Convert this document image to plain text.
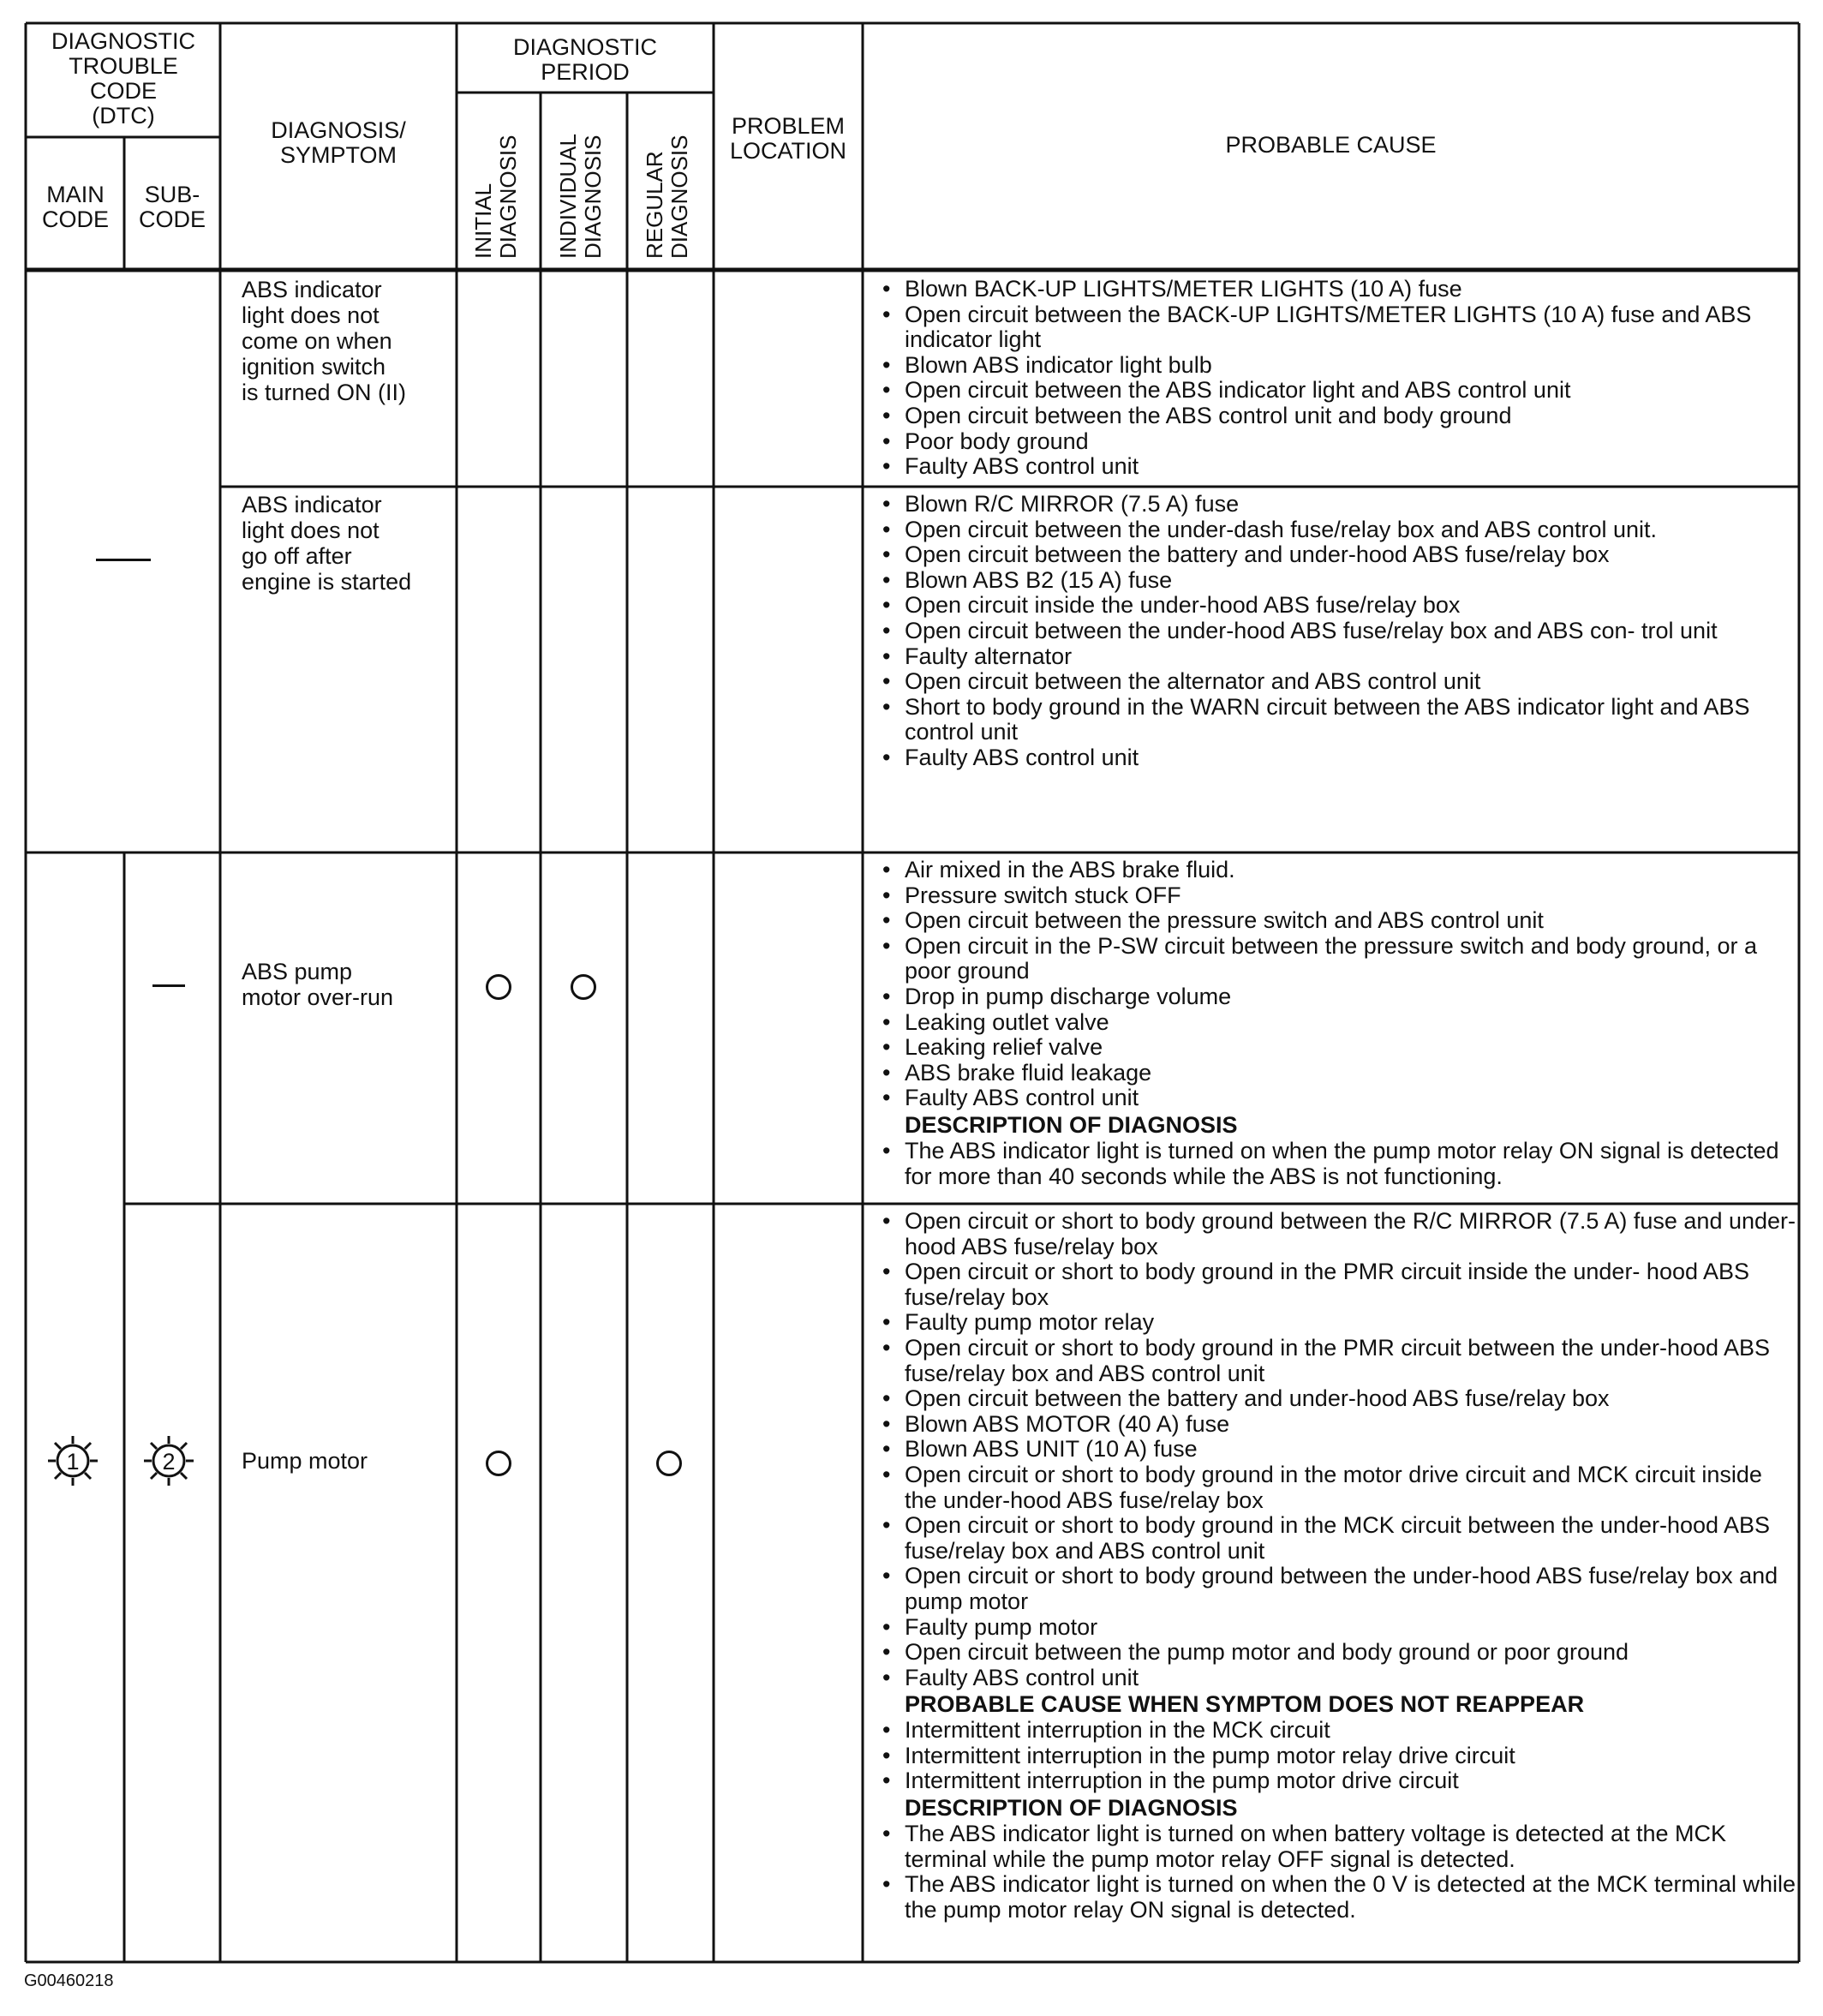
DIAGNOSTIC
TROUBLE
CODE
(DTC)
MAIN
CODE
SUB-
CODE
DIAGNOSIS/
SYMPTOM
DIAGNOSTIC
PERIOD
INITIAL DIAGNOSIS INDIVIDUAL DIAGNOSIS REGULAR DIAGNOSIS
PROBLEM
LOCATION	PROBABLE CAUSE
ABS indicator
light does not
come on when
ignition switch
is turned ON (II)
• Blown BACK-UP LIGHTS/METER LIGHTS (10 A) fuse
• Open circuit between the BACK-UP LIGHTS/METER LIGHTS (10 A) fuse and ABS indicator light
• Blown ABS indicator light bulb
• Open circuit between the ABS indicator light and ABS control unit
• Open circuit between the ABS control unit and body ground
• Poor body ground
• Faulty ABS control unit
ABS indicator
light does not
go off after
engine is started
• Blown R/C MIRROR (7.5 A) fuse
• Open circuit between the under-dash fuse/relay box and ABS control unit.
• Open circuit between the battery and under-hood ABS fuse/relay box
• Blown ABS B2 (15 A) fuse
• Open circuit inside the under-hood ABS fuse/relay box
• Open circuit between the under-hood ABS fuse/relay box and ABS con- trol unit
• Faulty alternator
• Open circuit between the alternator and ABS control unit
• Short to body ground in the WARN circuit between the ABS indicator light and ABS control unit
• Faulty ABS control unit
ABS pump
motor over-run
• Air mixed in the ABS brake fluid.
• Pressure switch stuck OFF
• Open circuit between the pressure switch and ABS control unit
• Open circuit in the P-SW circuit between the pressure switch and body ground, or a poor ground
• Drop in pump discharge volume
• Leaking outlet valve
• Leaking relief valve
• ABS brake fluid leakage
• Faulty ABS control unit
DESCRIPTION OF DIAGNOSIS
• The ABS indicator light is turned on when the pump motor relay ON signal is detected for more than 40 seconds while the ABS is not functioning.
Pump motor
• Open circuit or short to body ground between the R/C MIRROR (7.5 A) fuse and under-hood ABS fuse/relay box
• Open circuit or short to body ground in the PMR circuit inside the under- hood ABS fuse/relay box
• Faulty pump motor relay
• Open circuit or short to body ground in the PMR circuit between the under-hood ABS fuse/relay box and ABS control unit
• Open circuit between the battery and under-hood ABS fuse/relay box
• Blown ABS MOTOR (40 A) fuse
• Blown ABS UNIT (10 A) fuse
• Open circuit or short to body ground in the motor drive circuit and MCK circuit inside the under-hood ABS fuse/relay box
• Open circuit or short to body ground in the MCK circuit between the under-hood ABS fuse/relay box and ABS control unit
• Open circuit or short to body ground between the under-hood ABS fuse/relay box and pump motor
• Faulty pump motor
• Open circuit between the pump motor and body ground or poor ground
• Faulty ABS control unit
PROBABLE CAUSE WHEN SYMPTOM DOES NOT REAPPEAR
• Intermittent interruption in the MCK circuit
• Intermittent interruption in the pump motor relay drive circuit
• Intermittent interruption in the pump motor drive circuit
DESCRIPTION OF DIAGNOSIS
• The ABS indicator light is turned on when battery voltage is detected at the MCK terminal while the pump motor relay OFF signal is detected.
• The ABS indicator light is turned on when the 0 V is detected at the MCK terminal while the pump motor relay ON signal is detected.
1	2
G00460218
